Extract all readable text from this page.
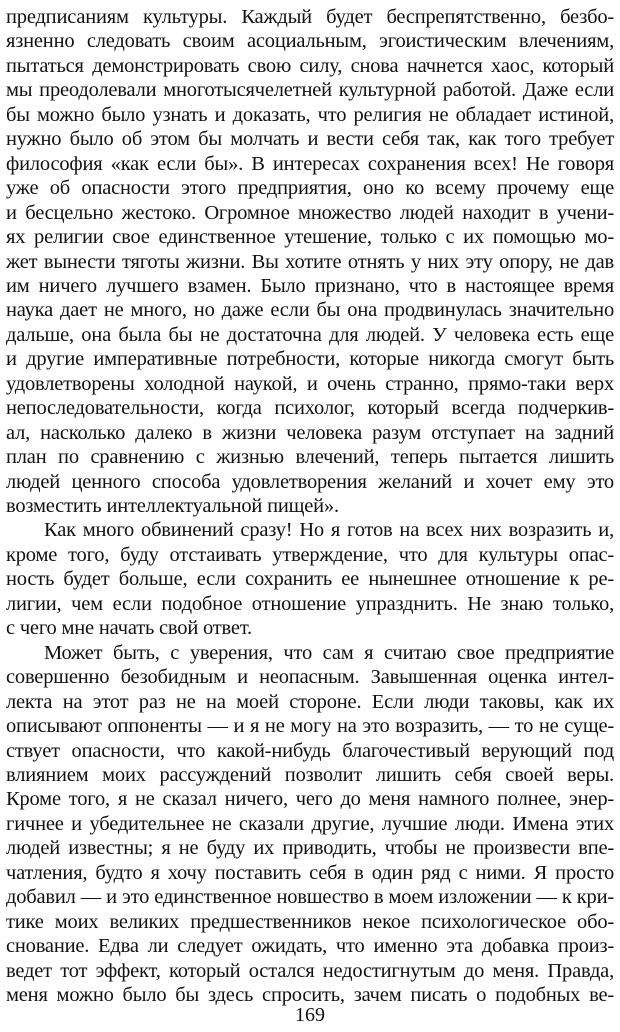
предписаниям культуры. Каждый будет беспрепятственно, безбо-
язненно следовать своим асоциальным, эгоистическим влечениям,
пытаться демонстрировать свою силу, снова начнется хаос, который
мы преодолевали многотысячелетней культурной работой. Даже если
бы можно было узнать и доказать, что религия не обладает истиной,
нужно было об этом бы молчать и вести себя так, как того требует
философия «как если бы». В интересах сохранения всех! Не говоря
уже об опасности этого предприятия, оно ко всему прочему еще
и бесцельно жестоко. Огромное множество людей находит в учени-
ях религии свое единственное утешение, только с их помощью мо-
жет вынести тяготы жизни. Вы хотите отнять у них эту опору, не дав
им ничего лучшего взамен. Было признано, что в настоящее время
наука дает не много, но даже если бы она продвинулась значительно
дальше, она была бы не достаточна для людей. У человека есть еще
и другие императивные потребности, которые никогда смогут быть
удовлетворены холодной наукой, и очень странно, прямо-таки верх
непоследовательности, когда психолог, который всегда подчеркив-
ал, насколько далеко в жизни человека разум отступает на задний
план по сравнению с жизнью влечений, теперь пытается лишить
людей ценного способа удовлетворения желаний и хочет ему это
возместить интеллектуальной пищей».
Как много обвинений сразу! Но я готов на всех них возразить и,
кроме того, буду отстаивать утверждение, что для культуры опас-
ность будет больше, если сохранить ее нынешнее отношение к ре-
лигии, чем если подобное отношение упразднить. Не знаю только,
с чего мне начать свой ответ.
Может быть, с уверения, что сам я считаю свое предприятие
совершенно безобидным и неопасным. Завышенная оценка интел-
лекта на этот раз не на моей стороне. Если люди таковы, как их
описывают оппоненты — и я не могу на это возразить, — то не суще-
ствует опасности, что какой-нибудь благочестивый верующий под
влиянием моих рассуждений позволит лишить себя своей веры.
Кроме того, я не сказал ничего, чего до меня намного полнее, энер-
гичнее и убедительнее не сказали другие, лучшие люди. Имена этих
людей известны; я не буду их приводить, чтобы не произвести впе-
чатления, будто я хочу поставить себя в один ряд с ними. Я просто
добавил — и это единственное новшество в моем изложении — к кри-
тике моих великих предшественников некое психологическое обо-
снование. Едва ли следует ожидать, что именно эта добавка произ-
ведет тот эффект, который остался недостигнутым до меня. Правда,
меня можно было бы здесь спросить, зачем писать о подобных ве-
169
